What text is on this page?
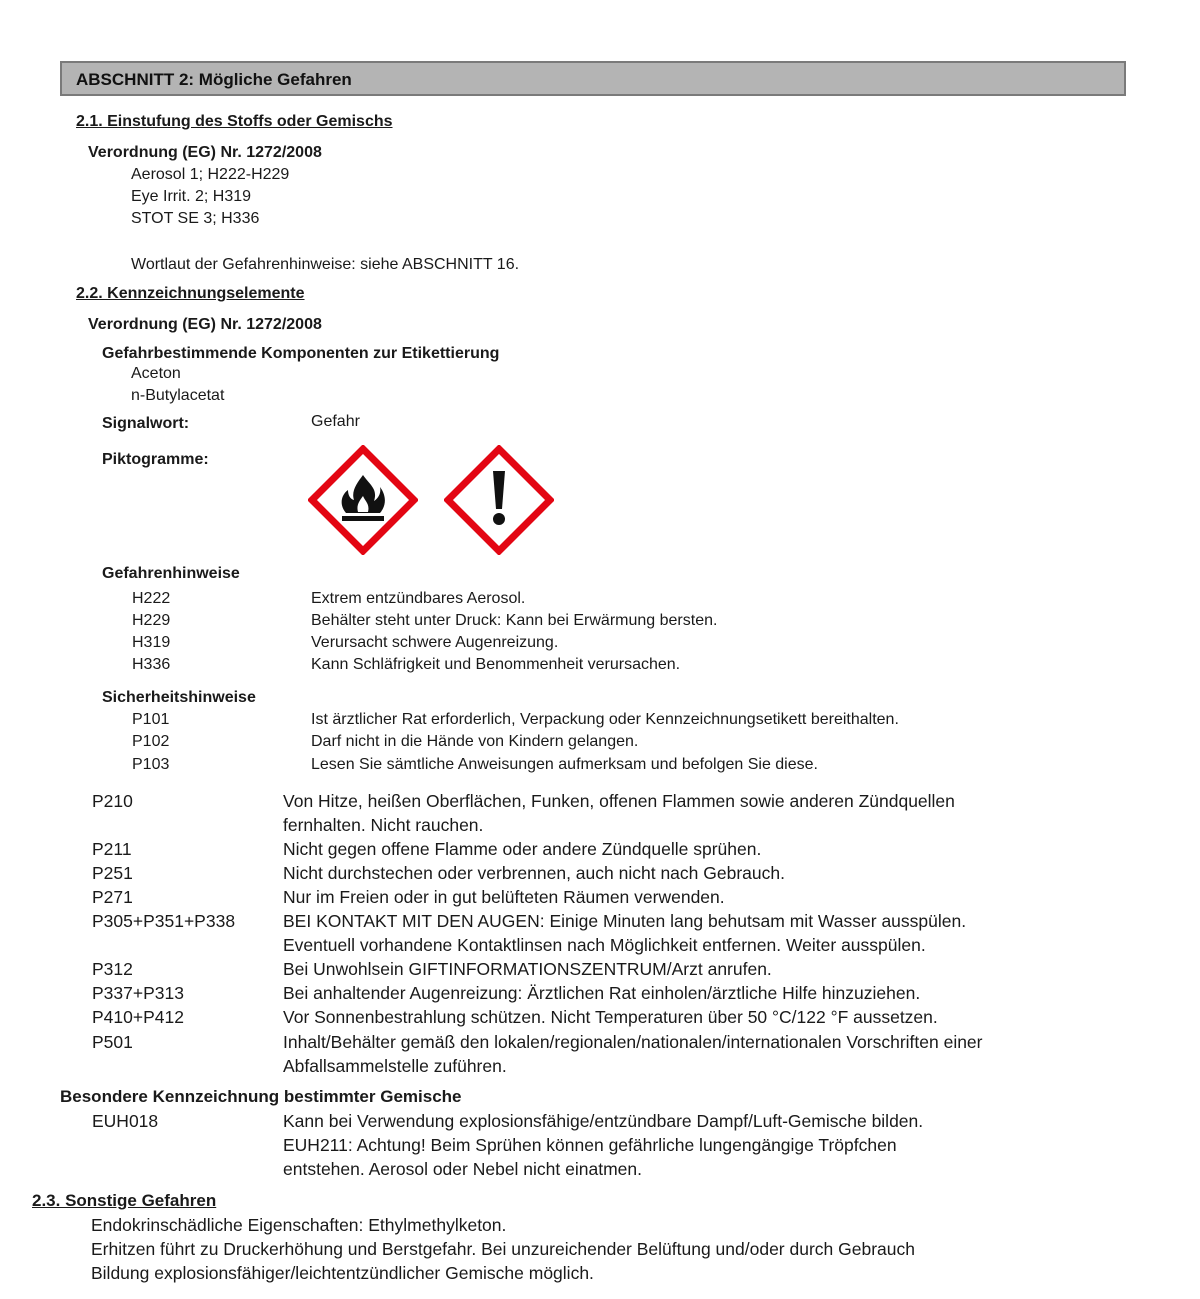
ABSCHNITT 2: Mögliche Gefahren
2.1. Einstufung des Stoffs oder Gemischs
Verordnung (EG) Nr. 1272/2008
Aerosol 1; H222-H229
Eye Irrit. 2; H319
STOT SE 3; H336
Wortlaut der Gefahrenhinweise: siehe ABSCHNITT 16.
2.2. Kennzeichnungselemente
Verordnung (EG) Nr. 1272/2008
Gefahrbestimmende Komponenten zur Etikettierung
Aceton
n-Butylacetat
Signalwort:	Gefahr
Piktogramme:
Gefahrenhinweise
H222	Extrem entzündbares Aerosol.
H229	Behälter steht unter Druck: Kann bei Erwärmung bersten.
H319	Verursacht schwere Augenreizung.
H336	Kann Schläfrigkeit und Benommenheit verursachen.
Sicherheitshinweise
P101	Ist ärztlicher Rat erforderlich, Verpackung oder Kennzeichnungsetikett bereithalten.
P102	Darf nicht in die Hände von Kindern gelangen.
P103	Lesen Sie sämtliche Anweisungen aufmerksam und befolgen Sie diese.
P210	Von Hitze, heißen Oberflächen, Funken, offenen Flammen sowie anderen Zündquellen
fernhalten. Nicht rauchen.
P211	Nicht gegen offene Flamme oder andere Zündquelle sprühen.
P251	Nicht durchstechen oder verbrennen, auch nicht nach Gebrauch.
P271	Nur im Freien oder in gut belüfteten Räumen verwenden.
P305+P351+P338	BEI KONTAKT MIT DEN AUGEN: Einige Minuten lang behutsam mit Wasser ausspülen.
Eventuell vorhandene Kontaktlinsen nach Möglichkeit entfernen. Weiter ausspülen.
P312	Bei Unwohlsein GIFTINFORMATIONSZENTRUM/Arzt anrufen.
P337+P313	Bei anhaltender Augenreizung: Ärztlichen Rat einholen/ärztliche Hilfe hinzuziehen.
P410+P412	Vor Sonnenbestrahlung schützen. Nicht Temperaturen über 50 °C/122 °F aussetzen.
P501	Inhalt/Behälter gemäß den lokalen/regionalen/nationalen/internationalen Vorschriften einer
Abfallsammelstelle zuführen.
Besondere Kennzeichnung bestimmter Gemische
EUH018	Kann bei Verwendung explosionsfähige/entzündbare Dampf/Luft-Gemische bilden.
EUH211: Achtung! Beim Sprühen können gefährliche lungengängige Tröpfchen
entstehen. Aerosol oder Nebel nicht einatmen.
2.3. Sonstige Gefahren
Endokrinschädliche Eigenschaften: Ethylmethylketon.
Erhitzen führt zu Druckerhöhung und Berstgefahr. Bei unzureichender Belüftung und/oder durch Gebrauch
Bildung explosionsfähiger/leichtentzündlicher Gemische möglich.
